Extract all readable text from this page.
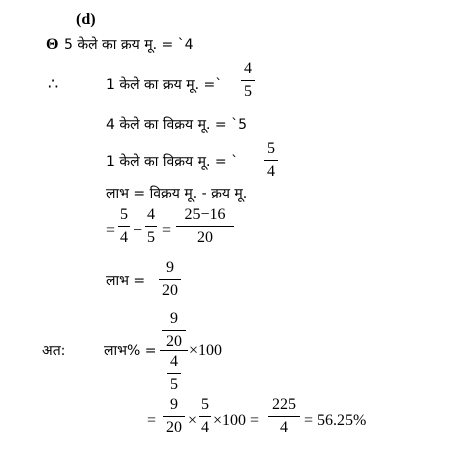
(d)
Θ 5 केले का क्रय मू. = `4
∴	1 केले का क्रय मू. =`
4
5
4 केले का विक्रय मू. = `5
1 केले का विक्रय मू. = `
5
4
लाभ = विक्रय मू. - क्रय मू.
=
5
4 −
4
5 =
25−16
20
लाभ =
9
20
अत:	लाभ% =
9
20
4
5
×100
=
9
20 ×
5
4 ×100 =
225
4	= 56.25%
